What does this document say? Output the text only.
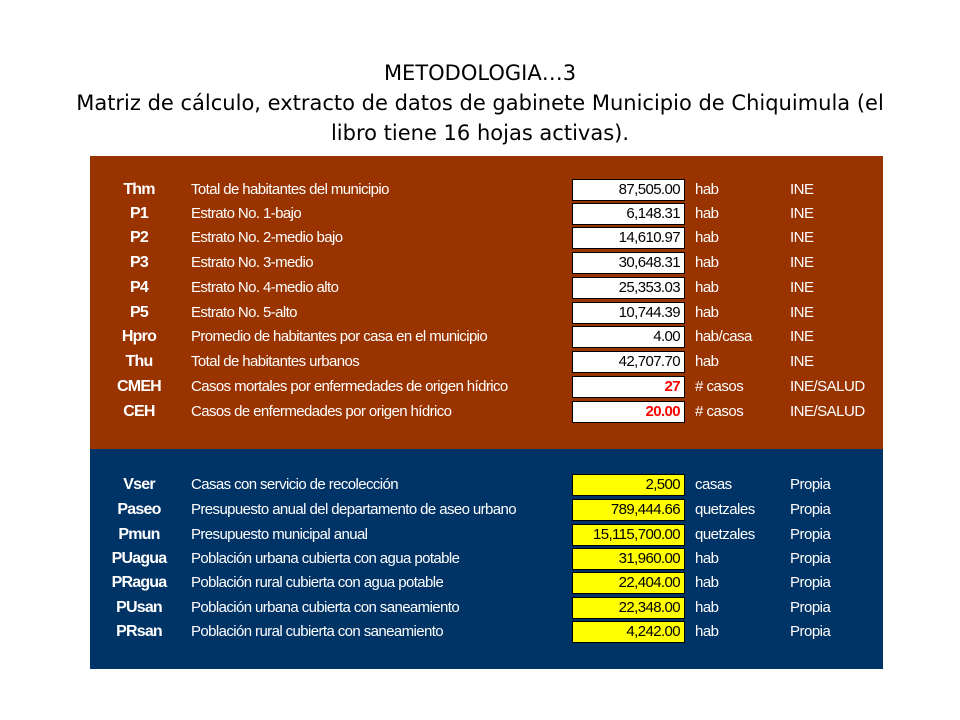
METODOLOGIA…3
Matriz de cálculo, extracto de datos de gabinete Municipio de Chiquimula (el
libro tiene 16 hojas activas).
Thm	Total de habitantes del municipio	87,505.00	hab	INE
P1	Estrato No. 1-bajo	6,148.31	hab	INE
P2	Estrato No. 2-medio bajo	14,610.97	hab	INE
P3	Estrato No. 3-medio	30,648.31	hab	INE
P4	Estrato No. 4-medio alto	25,353.03	hab	INE
P5	Estrato No. 5-alto	10,744.39	hab	INE
Hpro	Promedio de habitantes por casa en el municipio	4.00	hab/casa	INE
Thu	Total de habitantes urbanos	42,707.70	hab	INE
CMEH	Casos mortales por enfermedades de origen hídrico	27	# casos	INE/SALUD
CEH	Casos de enfermedades por origen hídrico	20.00	# casos	INE/SALUD
Vser	Casas con servicio de recolección	2,500	casas	Propia
Paseo	Presupuesto anual del departamento de aseo urbano	789,444.66	quetzales Propia
Pmun	Presupuesto municipal anual	15,115,700.00	quetzales Propia
PUagua	Población urbana cubierta con agua potable	31,960.00	hab	Propia
PRagua	Población rural cubierta con agua potable	22,404.00	hab	Propia
PUsan	Población urbana cubierta con saneamiento	22,348.00	hab	Propia
PRsan	Población rural cubierta con saneamiento	4,242.00	hab	Propia
